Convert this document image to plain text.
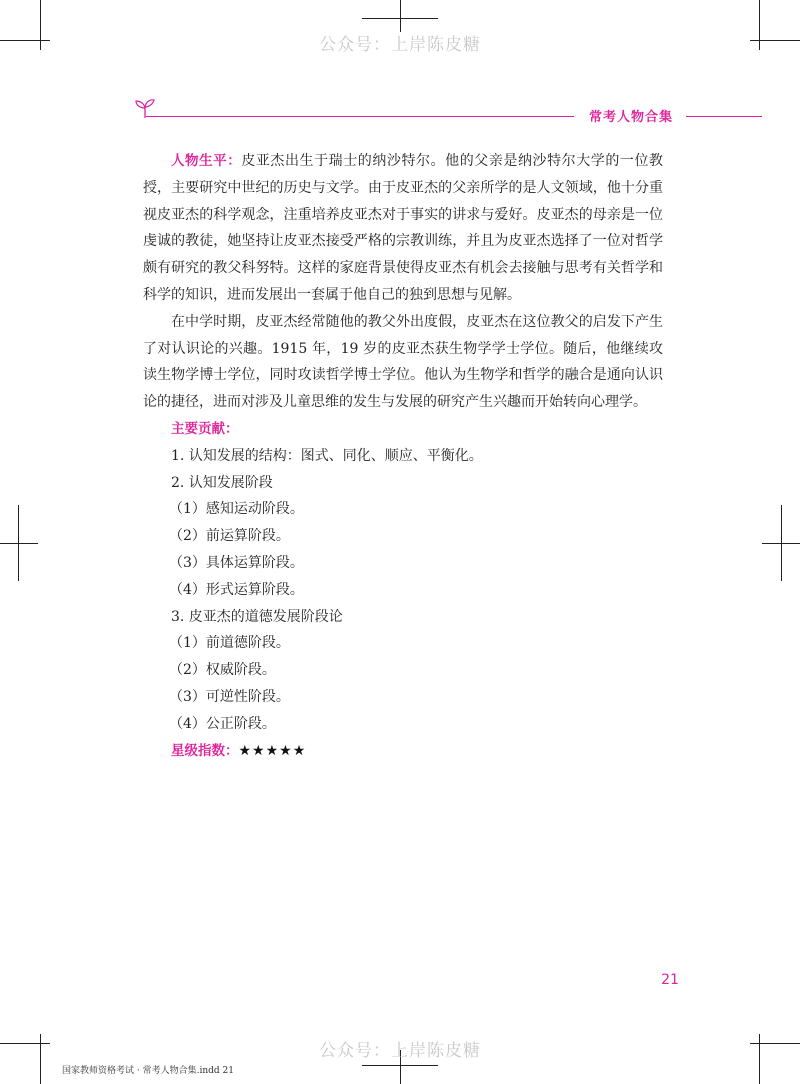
公众号：上岸陈皮糖
常考人物合集

人物生平：皮亚杰出生于瑞士的纳沙特尔。他的父亲是纳沙特尔大学的一位教授，主要研究中世纪的历史与文学。由于皮亚杰的父亲所学的是人文领域，他十分重视皮亚杰的科学观念，注重培养皮亚杰对于事实的讲求与爱好。皮亚杰的母亲是一位虔诚的教徒，她坚持让皮亚杰接受严格的宗教训练，并且为皮亚杰选择了一位对哲学颇有研究的教父科努特。这样的家庭背景使得皮亚杰有机会去接触与思考有关哲学和科学的知识，进而发展出一套属于他自己的独到思想与见解。

在中学时期，皮亚杰经常随他的教父外出度假，皮亚杰在这位教父的启发下产生了对认识论的兴趣。1915 年，19 岁的皮亚杰获生物学学士学位。随后，他继续攻读生物学博士学位，同时攻读哲学博士学位。他认为生物学和哲学的融合是通向认识论的捷径，进而对涉及儿童思维的发生与发展的研究产生兴趣而开始转向心理学。

主要贡献：
1. 认知发展的结构：图式、同化、顺应、平衡化。
2. 认知发展阶段
（1）感知运动阶段。
（2）前运算阶段。
（3）具体运算阶段。
（4）形式运算阶段。
3. 皮亚杰的道德发展阶段论
（1）前道德阶段。
（2）权威阶段。
（3）可逆性阶段。
（4）公正阶段。
星级指数：★★★★★
21
公众号：上岸陈皮糖
国家教师资格考试 · 常考人物合集.indd 21
